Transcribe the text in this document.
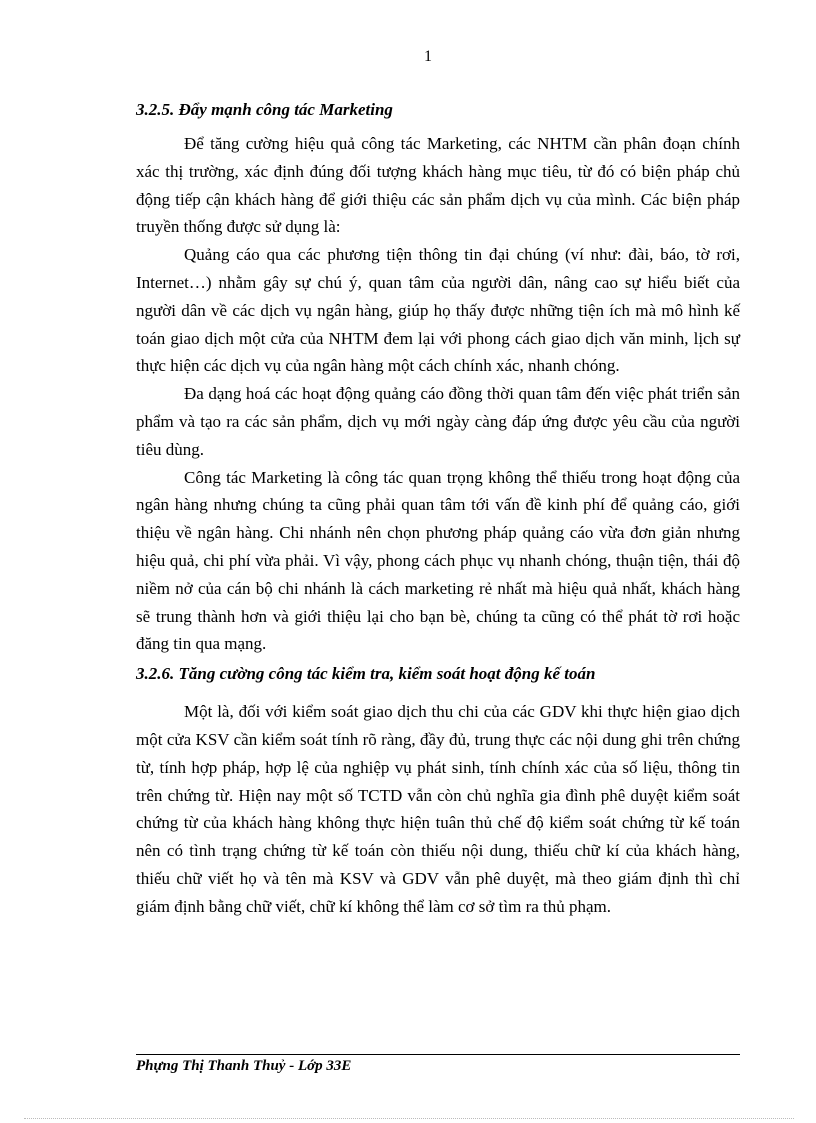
1
3.2.5. Đẩy mạnh công tác Marketing

Để tăng cường hiệu quả công tác Marketing, các NHTM cần phân đoạn chính xác thị trường, xác định đúng đối tượng khách hàng mục tiêu, từ đó có biện pháp chủ động tiếp cận khách hàng để giới thiệu các sản phẩm dịch vụ của mình. Các biện pháp truyền thống được sử dụng là:

Quảng cáo qua các phương tiện thông tin đại chúng (ví như: đài, báo, tờ rơi, Internet…) nhằm gây sự chú ý, quan tâm của người dân, nâng cao sự hiểu biết của người dân về các dịch vụ ngân hàng, giúp họ thấy được những tiện ích mà mô hình kế toán giao dịch một cửa của NHTM đem lại với phong cách giao dịch văn minh, lịch sự thực hiện các dịch vụ của ngân hàng một cách chính xác, nhanh chóng.

Đa dạng hoá các hoạt động quảng cáo đồng thời quan tâm đến việc phát triển sản phẩm và tạo ra các sản phẩm, dịch vụ mới ngày càng đáp ứng được yêu cầu của người tiêu dùng.

Công tác Marketing là công tác quan trọng không thể thiếu trong hoạt động của ngân hàng nhưng chúng ta cũng phải quan tâm tới vấn đề kinh phí để quảng cáo, giới thiệu về ngân hàng. Chi nhánh nên chọn phương pháp quảng cáo vừa đơn giản nhưng hiệu quả, chi phí vừa phải. Vì vậy, phong cách phục vụ nhanh chóng, thuận tiện, thái độ niềm nở của cán bộ chi nhánh là cách marketing rẻ nhất mà hiệu quả nhất, khách hàng sẽ trung thành hơn và giới thiệu lại cho bạn bè, chúng ta cũng có thể phát tờ rơi hoặc đăng tin qua mạng.

3.2.6. Tăng cường công tác kiểm tra, kiểm soát hoạt động kế toán

Một là, đối với kiểm soát giao dịch thu chi của các GDV khi thực hiện giao dịch một cửa KSV cần kiểm soát tính rõ ràng, đầy đủ, trung thực các nội dung ghi trên chứng từ, tính hợp pháp, hợp lệ của nghiệp vụ phát sinh, tính chính xác của số liệu, thông tin trên chứng từ. Hiện nay một số TCTD vẫn còn chủ nghĩa gia đình phê duyệt kiểm soát chứng từ của khách hàng không thực hiện tuân thủ chế độ kiểm soát chứng từ kế toán nên có tình trạng chứng từ kế toán còn thiếu nội dung, thiếu chữ kí của khách hàng, thiếu chữ viết họ và tên mà KSV và GDV vẫn phê duyệt, mà theo giám định thì chỉ giám định bằng chữ viết, chữ kí không thể làm cơ sở tìm ra thủ phạm.

Phựng Thị Thanh Thuỷ - Lớp 33E
